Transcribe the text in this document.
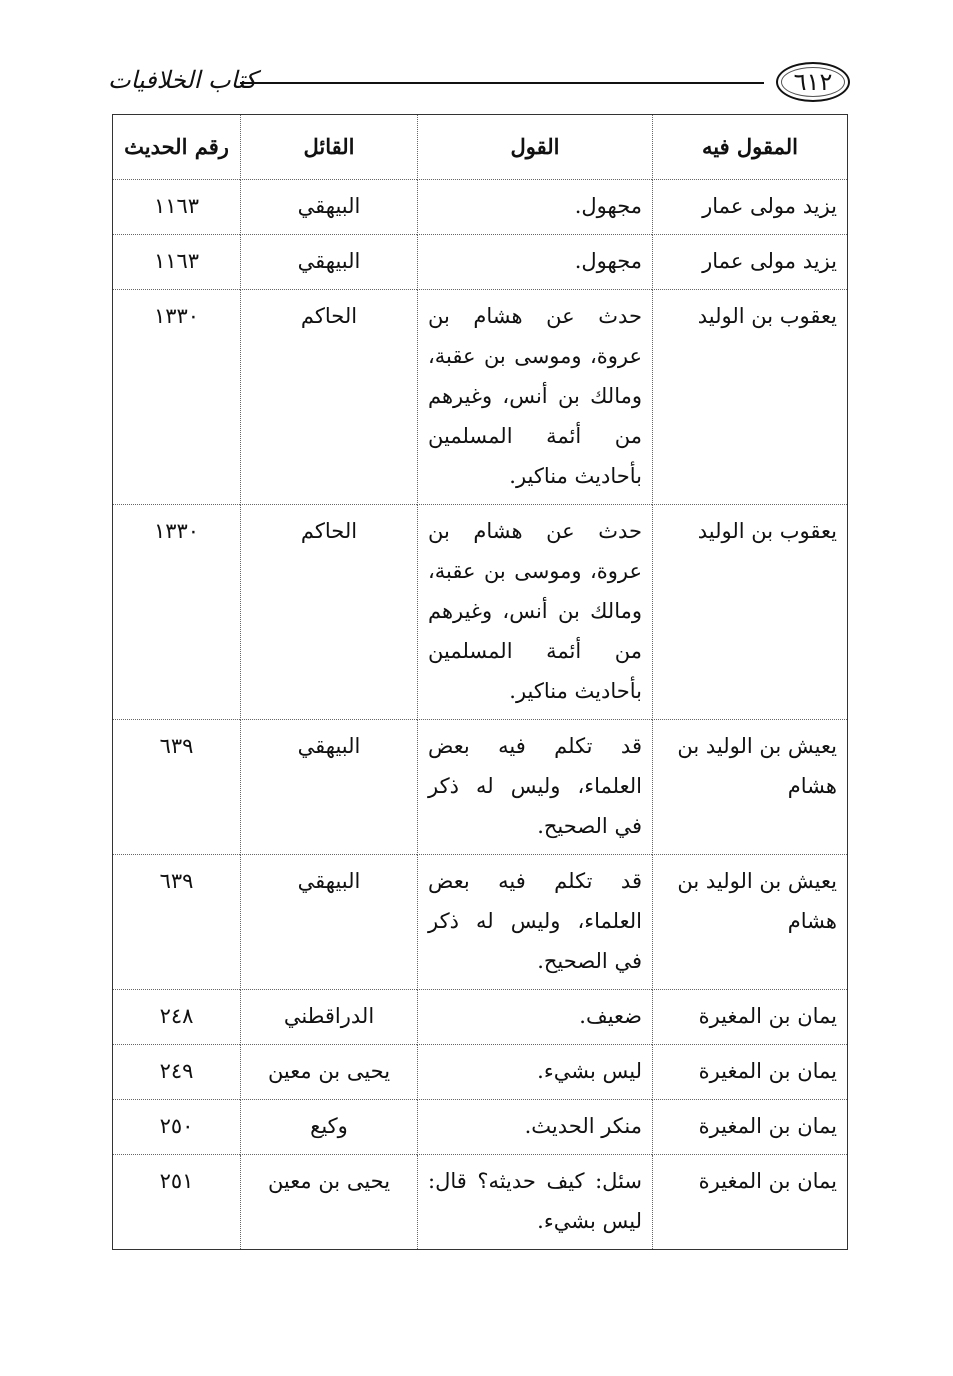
كتاب الخلافيات	٦١٢
المقول فيه	القول	القائل	رقم الحديث
يزيد مولى عمار	مجهول.	البيهقي	١١٦٣
يزيد مولى عمار	مجهول.	البيهقي	١١٦٣
يعقوب بن الوليد	حدث عن هشام بن عروة، وموسى بن عقبة، ومالك بن أنس، وغيرهم من أئمة المسلمين بأحاديث مناكير.	الحاكم	١٣٣٠
يعقوب بن الوليد	حدث عن هشام بن عروة، وموسى بن عقبة، ومالك بن أنس، وغيرهم من أئمة المسلمين بأحاديث مناكير.	الحاكم	١٣٣٠
يعيش بن الوليد بن هشام	قد تكلم فيه بعض العلماء، وليس له ذكر في الصحيح.	البيهقي	٦٣٩
يعيش بن الوليد بن هشام	قد تكلم فيه بعض العلماء، وليس له ذكر في الصحيح.	البيهقي	٦٣٩
يمان بن المغيرة	ضعيف.	الدراقطني	٢٤٨
يمان بن المغيرة	ليس بشيء.	يحيى بن معين	٢٤٩
يمان بن المغيرة	منكر الحديث.	وكيع	٢٥٠
يمان بن المغيرة	سئل: كيف حديثه؟ قال: ليس بشيء.	يحيى بن معين	٢٥١
